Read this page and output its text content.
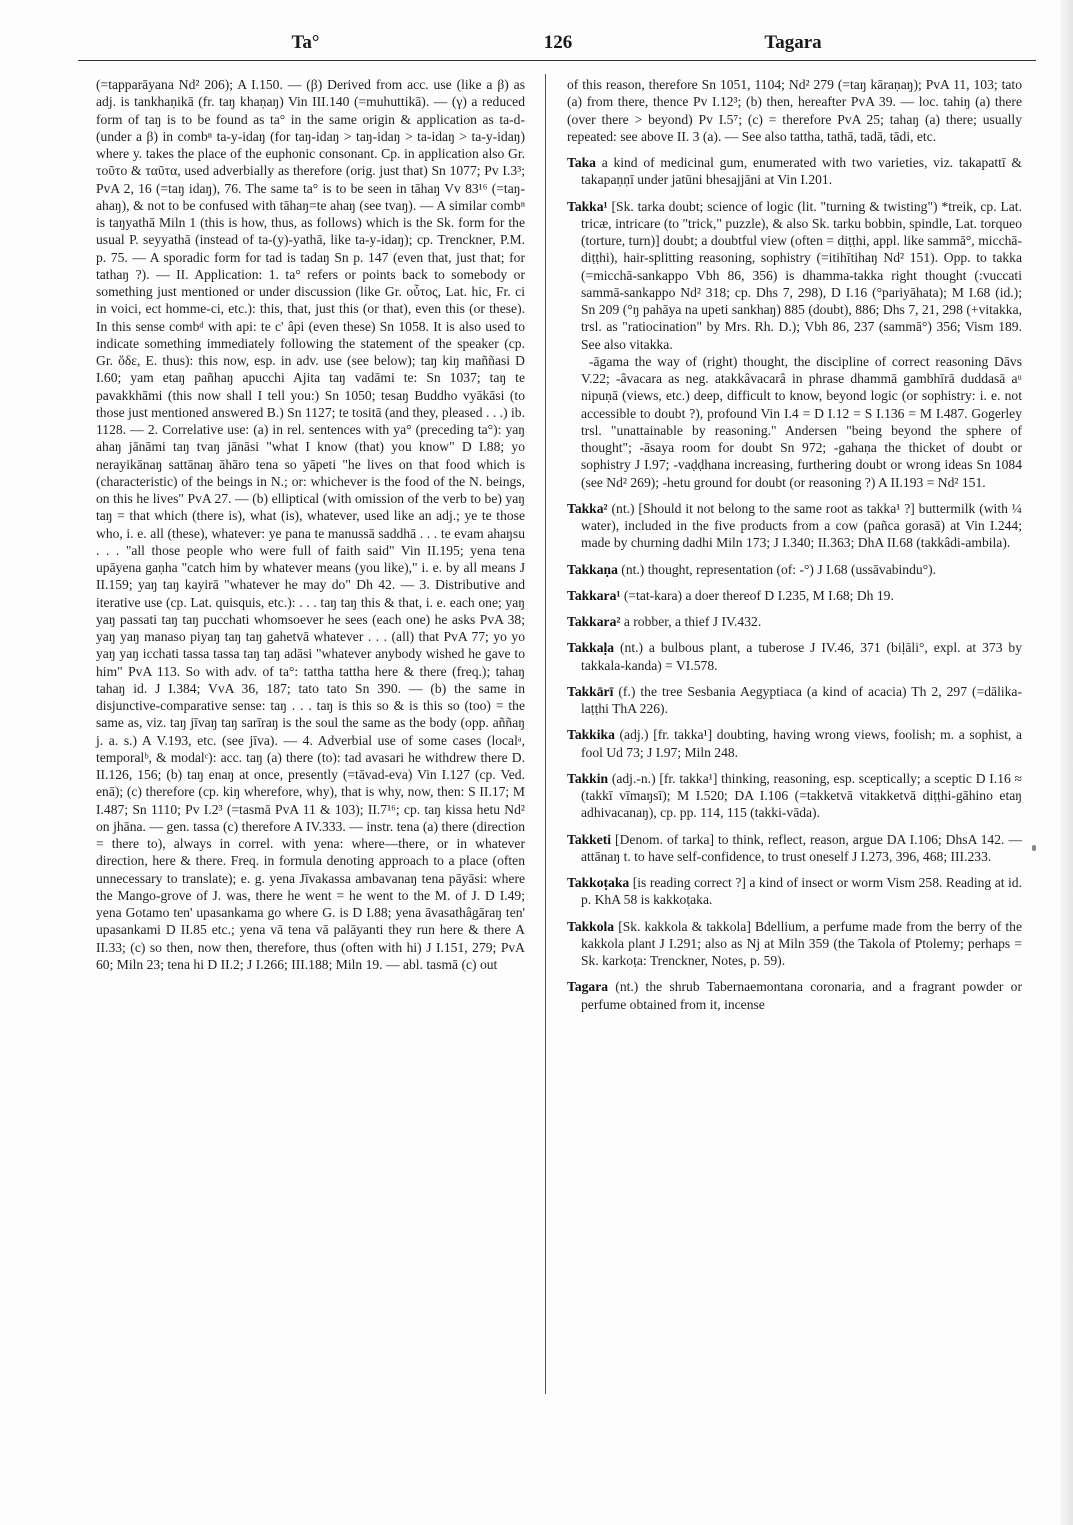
Ta°	126	Tagara

(=tapparāyana Nd² 206); A I.150. — (β) Derived from acc. use (like a β) as adj. is tankhaṇikā (fr. taŋ khaṇaŋ) Vin III.140 (=muhuttikā). — (γ) a reduced form of taŋ is to be found as ta° in the same origin & application as ta-d- (under a β) in combⁿ ta-y-idaŋ (for taŋ-idaŋ > taŋ-idaŋ > ta-idaŋ > ta-y-idaŋ) where y. takes the place of the euphonic consonant. Cp. in application also Gr. τοῦτο & ταῦτα, used adverbially as therefore (orig. just that) Sn 1077; Pv I.3³; PvA 2, 16 (=taŋ idaŋ), 76. The same ta° is to be seen in tāhaŋ Vv 83¹⁶ (=taŋ-ahaŋ), & not to be confused with tāhaŋ=te ahaŋ (see tvaŋ). — A similar combⁿ is taŋyathā Miln 1 (this is how, thus, as follows) which is the Sk. form for the usual P. seyyathā (instead of ta-(y)-yathā, like ta-y-idaŋ); cp. Trenckner, P.M. p. 75. — A sporadic form for tad is tadaŋ Sn p. 147 (even that, just that; for tathaŋ ?). — II. Application: 1. ta° refers or points back to somebody or something just mentioned or under discussion (like Gr. οὗτος, Lat. hic, Fr. ci in voici, ect homme-ci, etc.): this, that, just this (or that), even this (or these). In this sense combᵈ with api: te c' âpi (even these) Sn 1058. It is also used to indicate something immediately following the statement of the speaker (cp. Gr. ὅδε, E. thus): this now, esp. in adv. use (see below); taŋ kiŋ maññasi D I.60; yam etaŋ pañhaŋ apucchi Ajita taŋ vadāmi te: Sn 1037; taŋ te pavakkhāmi (this now shall I tell you:) Sn 1050; tesaŋ Buddho vyākāsi (to those just mentioned answered B.) Sn 1127; te tositā (and they, pleased . . .) ib. 1128. — 2. Correlative use: (a) in rel. sentences with ya° (preceding ta°): yaŋ ahaŋ jānāmi taŋ tvaŋ jānāsi "what I know (that) you know" D I.88; yo nerayikānaŋ sattānaŋ āhāro tena so yāpeti "he lives on that food which is (characteristic) of the beings in N.; or: whichever is the food of the N. beings, on this he lives" PvA 27. — (b) elliptical (with omission of the verb to be) yaŋ taŋ = that which (there is), what (is), whatever, used like an adj.; ye te those who, i. e. all (these), whatever: ye pana te manussā saddhā . . . te evam ahaŋsu . . . "all those people who were full of faith said" Vin II.195; yena tena upāyena gaṇha "catch him by whatever means (you like)," i. e. by all means J II.159; yaŋ taŋ kayirā "whatever he may do" Dh 42. — 3. Distributive and iterative use (cp. Lat. quisquis, etc.): . . . taŋ taŋ this & that, i. e. each one; yaŋ yaŋ passati taŋ taŋ pucchati whomsoever he sees (each one) he asks PvA 38; yaŋ yaŋ manaso piyaŋ taŋ taŋ gahetvā whatever . . . (all) that PvA 77; yo yo yaŋ yaŋ icchati tassa tassa taŋ taŋ adāsi "whatever anybody wished he gave to him" PvA 113. So with adv. of ta°: tattha tattha here & there (freq.); tahaŋ tahaŋ id. J I.384; VvA 36, 187; tato tato Sn 390. — (b) the same in disjunctive-comparative sense: taŋ . . . taŋ is this so & is this so (too) = the same as, viz. taŋ jīvaŋ taŋ sarīraŋ is the soul the same as the body (opp. aññaŋ j. a. s.) A V.193, etc. (see jīva). — 4. Adverbial use of some cases (localᵃ, temporalᵇ, & modalᶜ): acc. taŋ (a) there (to): tad avasari he withdrew there D. II.126, 156; (b) taŋ enaŋ at once, presently (=tāvad-eva) Vin I.127 (cp. Ved. enā); (c) therefore (cp. kiŋ wherefore, why), that is why, now, then: S II.17; M I.487; Sn 1110; Pv I.2³ (=tasmā PvA 11 & 103); II.7¹⁶; cp. taŋ kissa hetu Nd² on jhāna. — gen. tassa (c) therefore A IV.333. — instr. tena (a) there (direction = there to), always in correl. with yena: where—there, or in whatever direction, here & there. Freq. in formula denoting approach to a place (often unnecessary to translate); e. g. yena Jīvakassa ambavanaŋ tena pāyāsi: where the Mango-grove of J. was, there he went = he went to the M. of J. D I.49; yena Gotamo ten' upasankama go where G. is D I.88; yena āvasathâgāraŋ ten' upasankami D II.85 etc.; yena vā tena vā palāyanti they run here & there A II.33; (c) so then, now then, therefore, thus (often with hi) J I.151, 279; PvA 60; Miln 23; tena hi D II.2; J I.266; III.188; Miln 19. — abl. tasmā (c) out

of this reason, therefore Sn 1051, 1104; Nd² 279 (=taŋ kāraṇaŋ); PvA 11, 103; tato (a) from there, thence Pv I.12³; (b) then, hereafter PvA 39. — loc. tahiŋ (a) there (over there > beyond) Pv I.5⁷; (c) = therefore PvA 25; tahaŋ (a) there; usually repeated: see above II. 3 (a). — See also tattha, tathā, tadā, tādi, etc.

Taka a kind of medicinal gum, enumerated with two varieties, viz. takapattī & takapaṇṇī under jatūni bhesajjāni at Vin I.201.

Takka¹ [Sk. tarka doubt; science of logic (lit. "turning & twisting") *treik, cp. Lat. tricæ, intricare (to "trick," puzzle), & also Sk. tarku bobbin, spindle, Lat. torqueo (torture, turn)] doubt; a doubtful view (often = diṭṭhi, appl. like sammā°, micchā-diṭṭhi), hair-splitting reasoning, sophistry (=itihītihaŋ Nd² 151). Opp. to takka (=micchā-sankappo Vbh 86, 356) is dhamma-takka right thought (:vuccati sammā-sankappo Nd² 318; cp. Dhs 7, 298), D I.16 (°pariyāhata); M I.68 (id.); Sn 209 (°ŋ pahāya na upeti sankhaŋ) 885 (doubt), 886; Dhs 7, 21, 298 (+vitakka, trsl. as "ratiocination" by Mrs. Rh. D.); Vbh 86, 237 (sammā°) 356; Vism 189. See also vitakka.

-āgama the way of (right) thought, the discipline of correct reasoning Dāvs V.22; -âvacara as neg. atakkâvacarâ in phrase dhammā gambhīrā duddasā aᵘ nipuṇā (views, etc.) deep, difficult to know, beyond logic (or sophistry: i. e. not accessible to doubt ?), profound Vin I.4 = D I.12 = S I.136 = M I.487. Gogerley trsl. "unattainable by reasoning." Andersen "being beyond the sphere of thought"; -āsaya room for doubt Sn 972; -gahaṇa the thicket of doubt or sophistry J I.97; -vaḍḍhana increasing, furthering doubt or wrong ideas Sn 1084 (see Nd² 269); -hetu ground for doubt (or reasoning ?) A II.193 = Nd² 151.

Takka² (nt.) [Should it not belong to the same root as takka¹ ?] buttermilk (with ¼ water), included in the five products from a cow (pañca gorasā) at Vin I.244; made by churning dadhi Miln 173; J I.340; II.363; DhA II.68 (takkâdi-ambila).

Takkaṇa (nt.) thought, representation (of: -°) J I.68 (ussāvabindu°).

Takkara¹ (=tat-kara) a doer thereof D I.235, M I.68; Dh 19.

Takkara² a robber, a thief J IV.432.

Takkaḷa (nt.) a bulbous plant, a tuberose J IV.46, 371 (biḷāli°, expl. at 373 by takkala-kanda) = VI.578.

Takkārī (f.) the tree Sesbania Aegyptiaca (a kind of acacia) Th 2, 297 (=dālika-laṭṭhi ThA 226).

Takkika (adj.) [fr. takka¹] doubting, having wrong views, foolish; m. a sophist, a fool Ud 73; J I.97; Miln 248.

Takkin (adj.-n.) [fr. takka¹] thinking, reasoning, esp. sceptically; a sceptic D I.16 ≈ (takkī vīmaŋsī); M I.520; DA I.106 (=takketvā vitakketvā diṭṭhi-gāhino etaŋ adhivacanaŋ), cp. pp. 114, 115 (takki-vāda).

Takketi [Denom. of tarka] to think, reflect, reason, argue DA I.106; DhsA 142. — attānaŋ t. to have self-confidence, to trust oneself J I.273, 396, 468; III.233.

Takkoṭaka [is reading correct ?] a kind of insect or worm Vism 258. Reading at id. p. KhA 58 is kakkoṭaka.

Takkola [Sk. kakkola & takkola] Bdellium, a perfume made from the berry of the kakkola plant J I.291; also as Nj at Miln 359 (the Takola of Ptolemy; perhaps = Sk. karkoṭa: Trenckner, Notes, p. 59).

Tagara (nt.) the shrub Tabernaemontana coronaria, and a fragrant powder or perfume obtained from it, incense
